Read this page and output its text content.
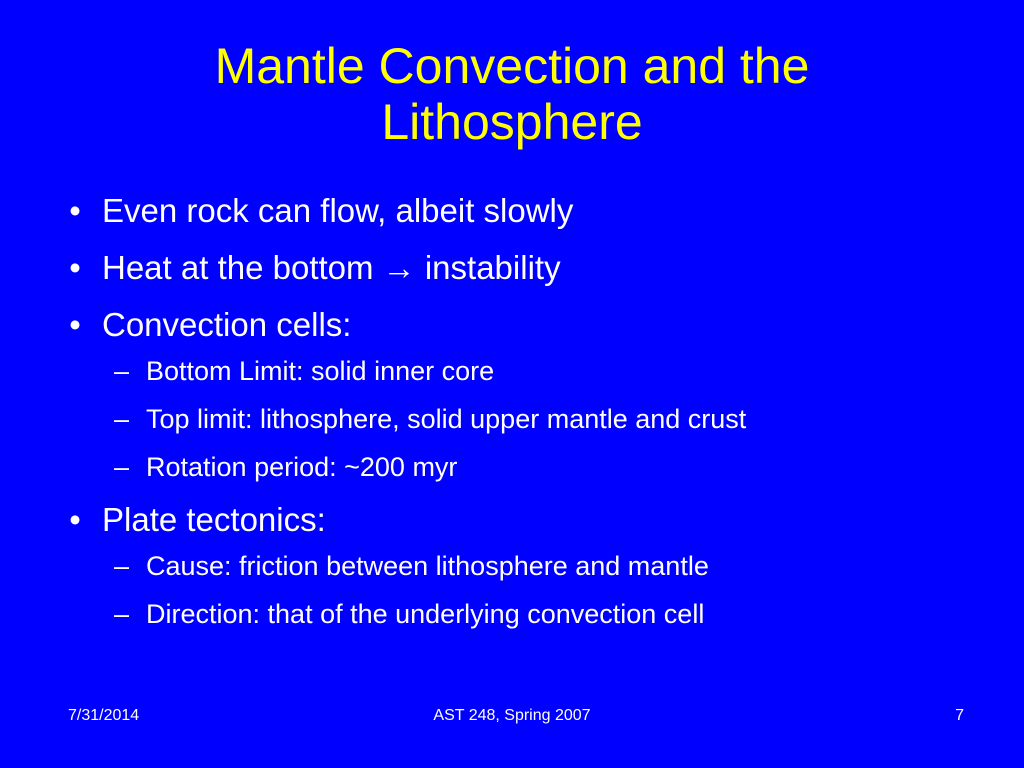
Mantle Convection and the
Lithosphere
• Even rock can flow, albeit slowly
• Heat at the bottom → instability
• Convection cells:
– Bottom Limit: solid inner core
– Top limit: lithosphere, solid upper mantle and crust
– Rotation period: ~200 myr
• Plate tectonics:
– Cause: friction between lithosphere and mantle
– Direction: that of the underlying convection cell
7/31/2014	AST 248, Spring 2007	7
